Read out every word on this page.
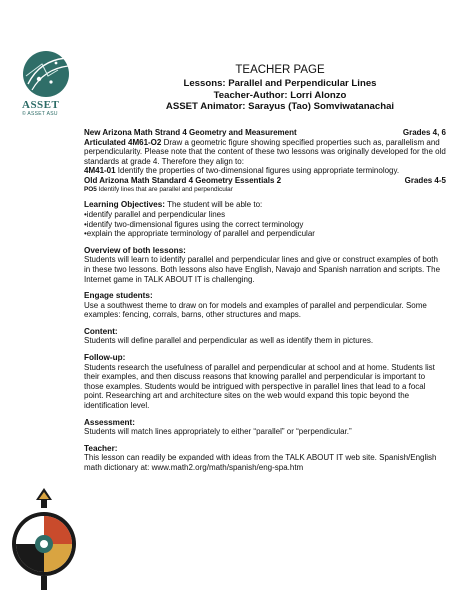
ASSET
© ASSET ASU
TEACHER PAGE
Lessons: Parallel and Perpendicular Lines
Teacher-Author: Lorri Alonzo
ASSET Animator: Sarayus (Tao) Somviwatanachai
New Arizona Math Strand 4 Geometry and Measurement	Grades 4, 6

Articulated 4M61-O2 Draw a geometric figure showing specified properties such as, parallelism and perpendicularity. Please note that the content of these two lessons was originally developed for the old standards at grade 4. Therefore they align to:

4M41-01 Identify the properties of two-dimensional figures using appropriate terminology.

Old Arizona Math Standard 4 Geometry Essentials 2	Grades 4-5

PO5 Identify lines that are parallel and perpendicular

Learning Objectives: The student will be able to:

•identify parallel and perpendicular lines

•identify two-dimensional figures using the correct terminology

•explain the appropriate terminology of parallel and perpendicular

Overview of both lessons:

Students will learn to identify parallel and perpendicular lines and give or construct examples of both in these two lessons. Both lessons also have English, Navajo and Spanish narration and scripts. The Internet game in TALK ABOUT IT is challenging.

Engage students:

Use a southwest theme to draw on for models and examples of parallel and perpendicular. Some examples: fencing, corrals, barns, other structures and maps.

Content:

Students will define parallel and perpendicular as well as identify them in pictures.

Follow-up:

Students research the usefulness of parallel and perpendicular at school and at home. Students list their examples, and then discuss reasons that knowing parallel and perpendicular is important to those examples. Students would be intrigued with perspective in parallel lines that lead to a focal point. Researching art and architecture sites on the web would expand this topic beyond the identification level.

Assessment:

Students will match lines appropriately to either “parallel” or “perpendicular.”

Teacher:

This lesson can readily be expanded with ideas from the TALK ABOUT IT web site. Spanish/English math dictionary at: www.math2.org/math/spanish/eng-spa.htm
